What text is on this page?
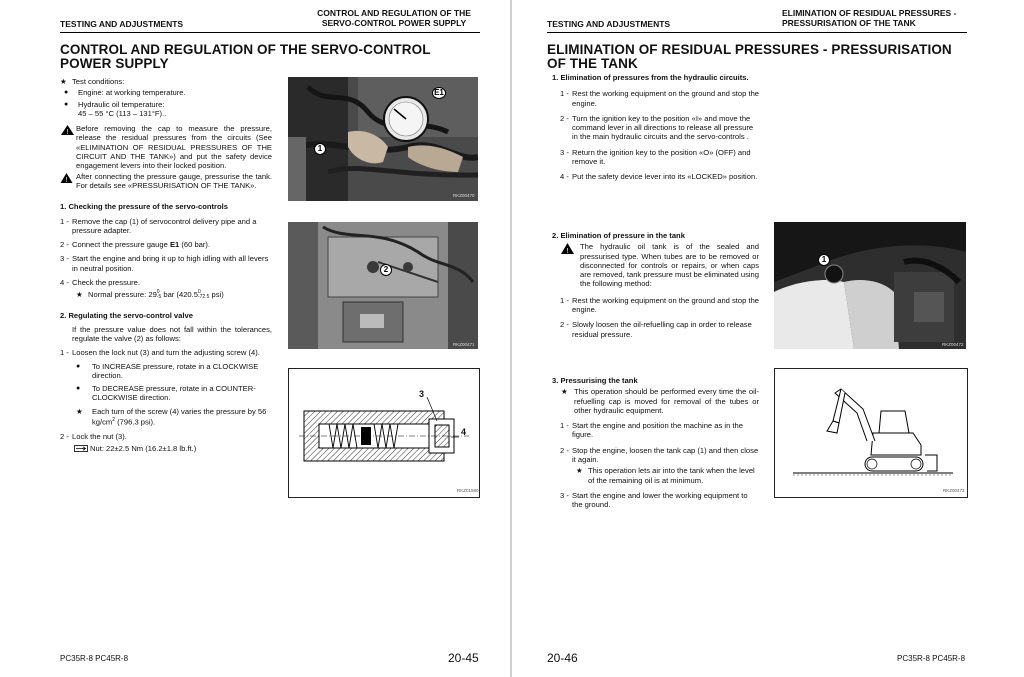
TESTING AND ADJUSTMENTS
CONTROL AND REGULATION OF THE
SERVO-CONTROL POWER SUPPLY
CONTROL AND REGULATION OF THE SERVO-CONTROL
POWER SUPPLY
★ Test conditions:
● Engine: at working temperature.
● Hydraulic oil temperature:
45 – 55 °C (113 – 131°F)..
! Before removing the cap to measure the pressure, release the residual pressures from the circuits (See «ELIMINATION OF RESIDUAL PRESSURES OF THE CIRCUIT AND THE TANK») and put the safety device engagement levers into their locked position.
! After connecting the pressure gauge, pressurise the tank. For details see «PRESSURISATION OF THE TANK».

1. Checking the pressure of the servo-controls

1 - Remove the cap (1) of servocontrol delivery pipe and a pressure adapter.
2 - Connect the pressure gauge E1 (60 bar).
3 - Start the engine and bring it up to high idling with all levers in neutral position.
4 - Check the pressure.
★ Normal pressure: 29 0
-5 bar (420.5 0
-72.5 psi)

2. Regulating the servo-control valve

If the pressure value does not fall within the tolerances, regulate the valve (2) as follows:

1 - Loosen the lock nut (3) and turn the adjusting screw (4).
● To INCREASE pressure, rotate in a CLOCKWISE direction.
● To DECREASE pressure, rotate in a COUNTER-CLOCKWISE direction.
★ Each turn of the screw (4) varies the pressure by 56 $kg/cm^2$ (796.3 psi).
2 - Lock the nut (3).
Nut: 22±2.5 Nm (16.2±1.8 lb.ft.)
E1
1
RKZ00470
2
RKZ00471
3
4
RKZ01580
PC35R-8 PC45R-8	20-45
TESTING AND ADJUSTMENTS
ELIMINATION OF RESIDUAL PRESSURES -
PRESSURISATION OF THE TANK
ELIMINATION OF RESIDUAL PRESSURES - PRESSURISATION
OF THE TANK

1. Elimination of pressures from the hydraulic circuits.

1 - Rest the working equipment on the ground and stop the engine.
2 - Turn the ignition key to the position «I» and move the command lever in all directions to release all pressure in the main hydraulic circuits and the servo-controls .
3 - Return the ignition key to the position «O» (OFF) and remove it.
4 - Put the safety device lever into its «LOCKED» position.

2. Elimination of pressure in the tank

! The hydraulic oil tank is of the sealed and pressurised type. When tubes are to be removed or disconnected for controls or repairs, or when caps are removed, tank pressure must be eliminated using the following method:
1 - Rest the working equipment on the ground and stop the engine.
2 - Slowly loosen the oil-refuelling cap in order to release residual pressure.

3. Pressurising the tank

★ This operation should be performed every time the oil-refuelling cap is moved for removal of the tubes or other hydraulic equipment.
1 - Start the engine and position the machine as in the figure.
2 - Stop the engine, loosen the tank cap (1) and then close it again.
★ This operation lets air into the tank when the level of the remaining oil is at minimum.
3 - Start the engine and lower the working equipment to the ground.
1
RKZ00472
RKZ00473
20-46	PC35R-8 PC45R-8
